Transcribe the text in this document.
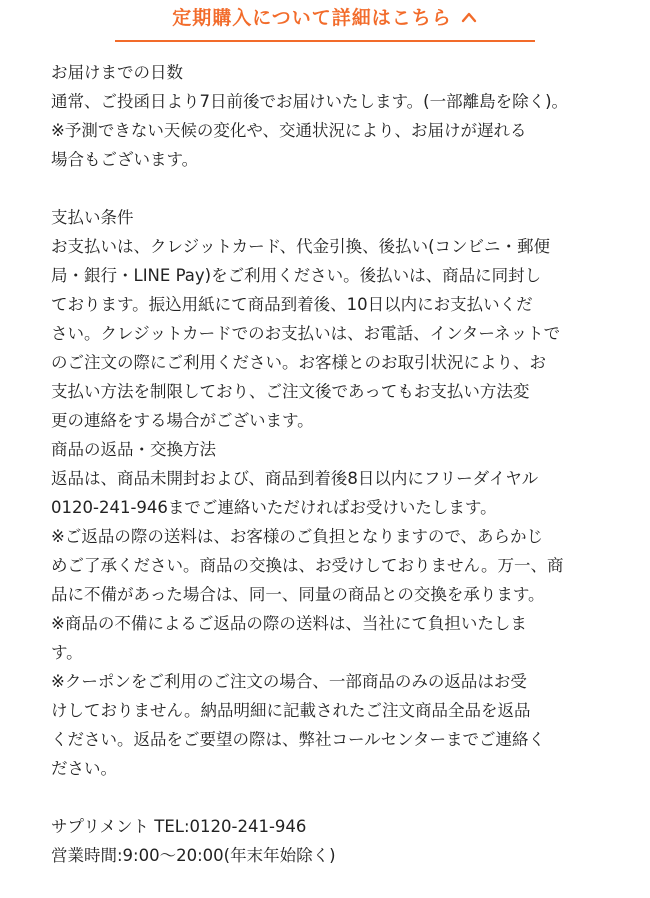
定期購入について詳細はこちら

お届けまでの日数

通常、ご投函日より7日前後でお届けいたします。(一部離島を除く)。

※予測できない天候の変化や、交通状況により、お届けが遅れる

場合もございます。

支払い条件

お支払いは、クレジットカード、代金引換、後払い(コンビニ・郵便

局・銀行・LINE Pay)をご利用ください。後払いは、商品に同封し

ております。振込用紙にて商品到着後、10日以内にお支払いくだ

さい。クレジットカードでのお支払いは、お電話、インターネットで

のご注文の際にご利用ください。お客様とのお取引状況により、お

支払い方法を制限しており、ご注文後であってもお支払い方法変

更の連絡をする場合がございます。

商品の返品・交換方法

返品は、商品未開封および、商品到着後8日以内にフリーダイヤル

0120-241-946までご連絡いただければお受けいたします。

※ご返品の際の送料は、お客様のご負担となりますので、あらかじ

めご了承ください。商品の交換は、お受けしておりません。万一、商

品に不備があった場合は、同一、同量の商品との交換を承ります。

※商品の不備によるご返品の際の送料は、当社にて負担いたしま

す。

※クーポンをご利用のご注文の場合、一部商品のみの返品はお受

けしておりません。納品明細に記載されたご注文商品全品を返品

ください。返品をご要望の際は、弊社コールセンターまでご連絡く

ださい。

サプリメント TEL:0120-241-946

営業時間:9:00〜20:00(年末年始除く)
